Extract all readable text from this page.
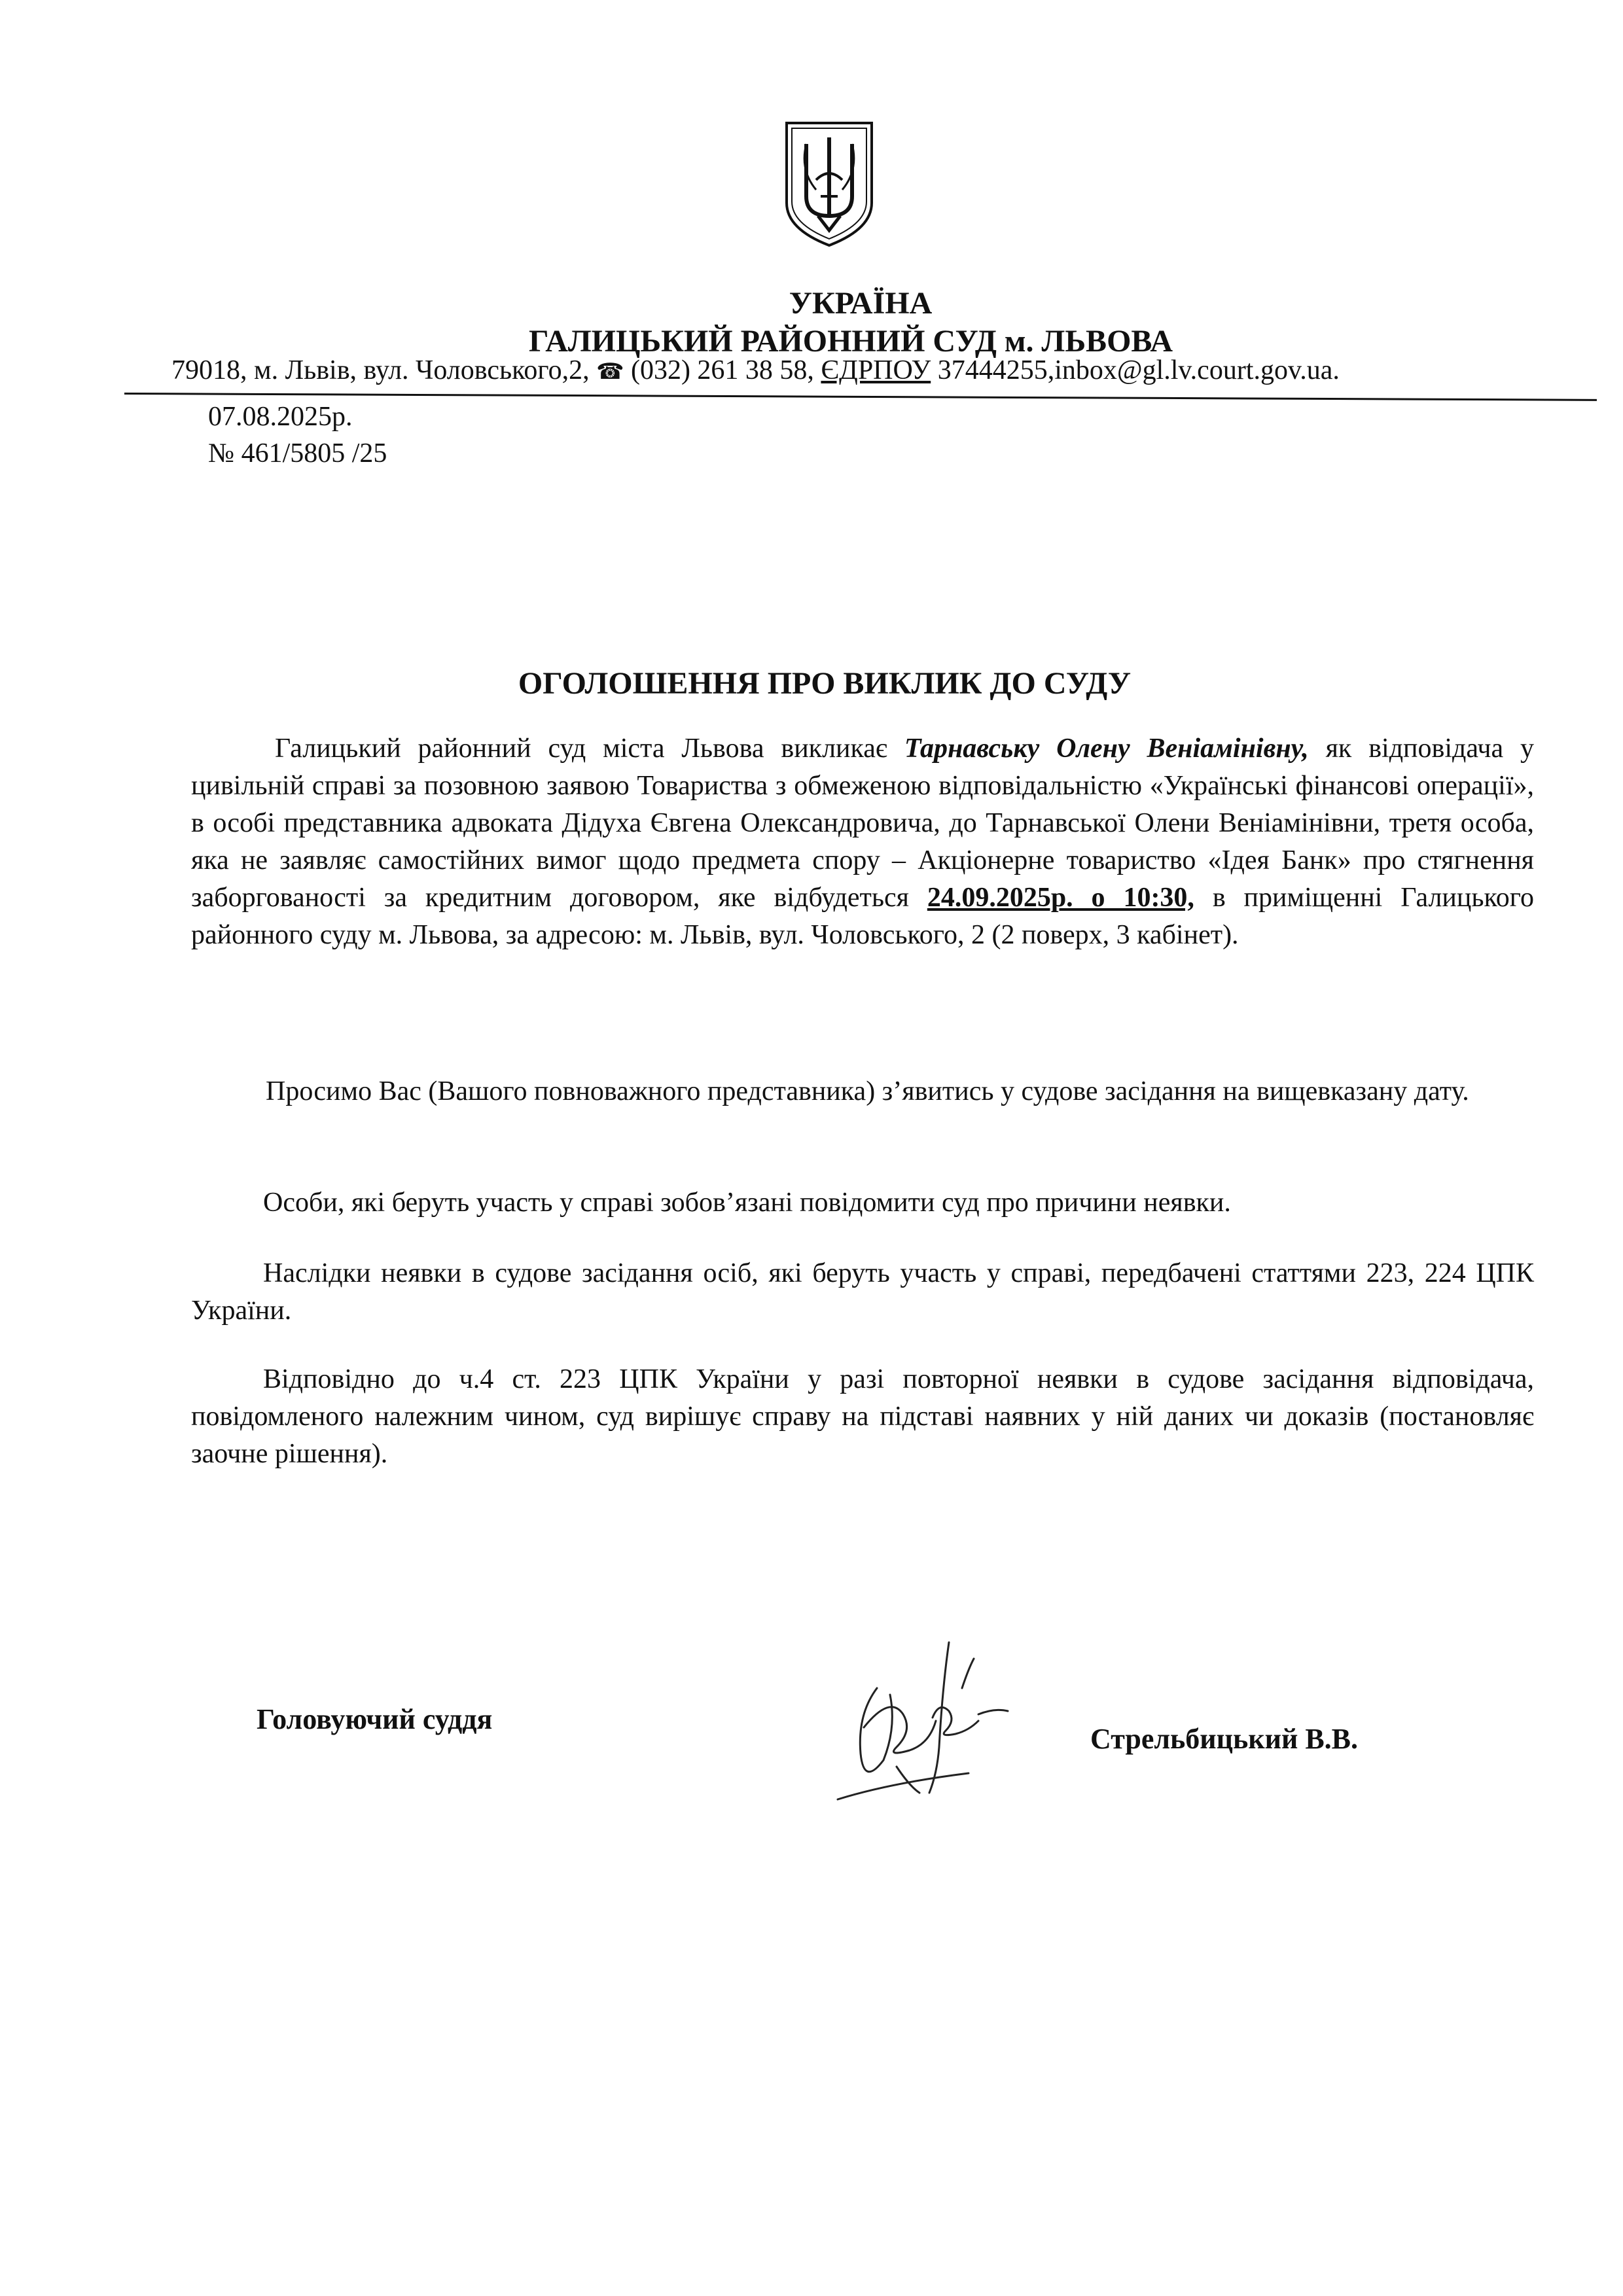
УКРАЇНА
ГАЛИЦЬКИЙ РАЙОННИЙ СУД м. ЛЬВОВА
79018, м. Львів, вул. Чоловського,2, ☎ (032) 261 38 58, ЄДРПОУ 37444255,inbox@gl.lv.court.gov.ua.
07.08.2025р.
№ 461/5805 /25
ОГОЛОШЕННЯ ПРО ВИКЛИК ДО СУДУ
Галицький районний суд міста Львова викликає Тарнавську Олену Веніамінівну, як відповідача у цивільній справі за позовною заявою Товариства з обмеженою відповідальністю «Українські фінансові операції», в особі представника адвоката Дідуха Євгена Олександровича, до Тарнавської Олени Веніамінівни, третя особа, яка не заявляє самостійних вимог щодо предмета спору – Акціонерне товариство «Ідея Банк» про стягнення заборгованості за кредитним договором, яке відбудеться 24.09.2025р. о 10:30, в приміщенні Галицького районного суду м. Львова, за адресою: м. Львів, вул. Чоловського, 2 (2 поверх, 3 кабінет).
Просимо Вас (Вашого повноважного представника) з’явитись у судове засідання на вищевказану дату.
Особи, які беруть участь у справі зобов’язані повідомити суд про причини неявки.
Наслідки неявки в судове засідання осіб, які беруть участь у справі, передбачені статтями 223, 224 ЦПК України.
Відповідно до ч.4 ст. 223 ЦПК України у разі повторної неявки в судове засідання відповідача, повідомленого належним чином, суд вирішує справу на підставі наявних у ній даних чи доказів (постановляє заочне рішення).
Головуючий суддя
Стрельбицький В.В.
